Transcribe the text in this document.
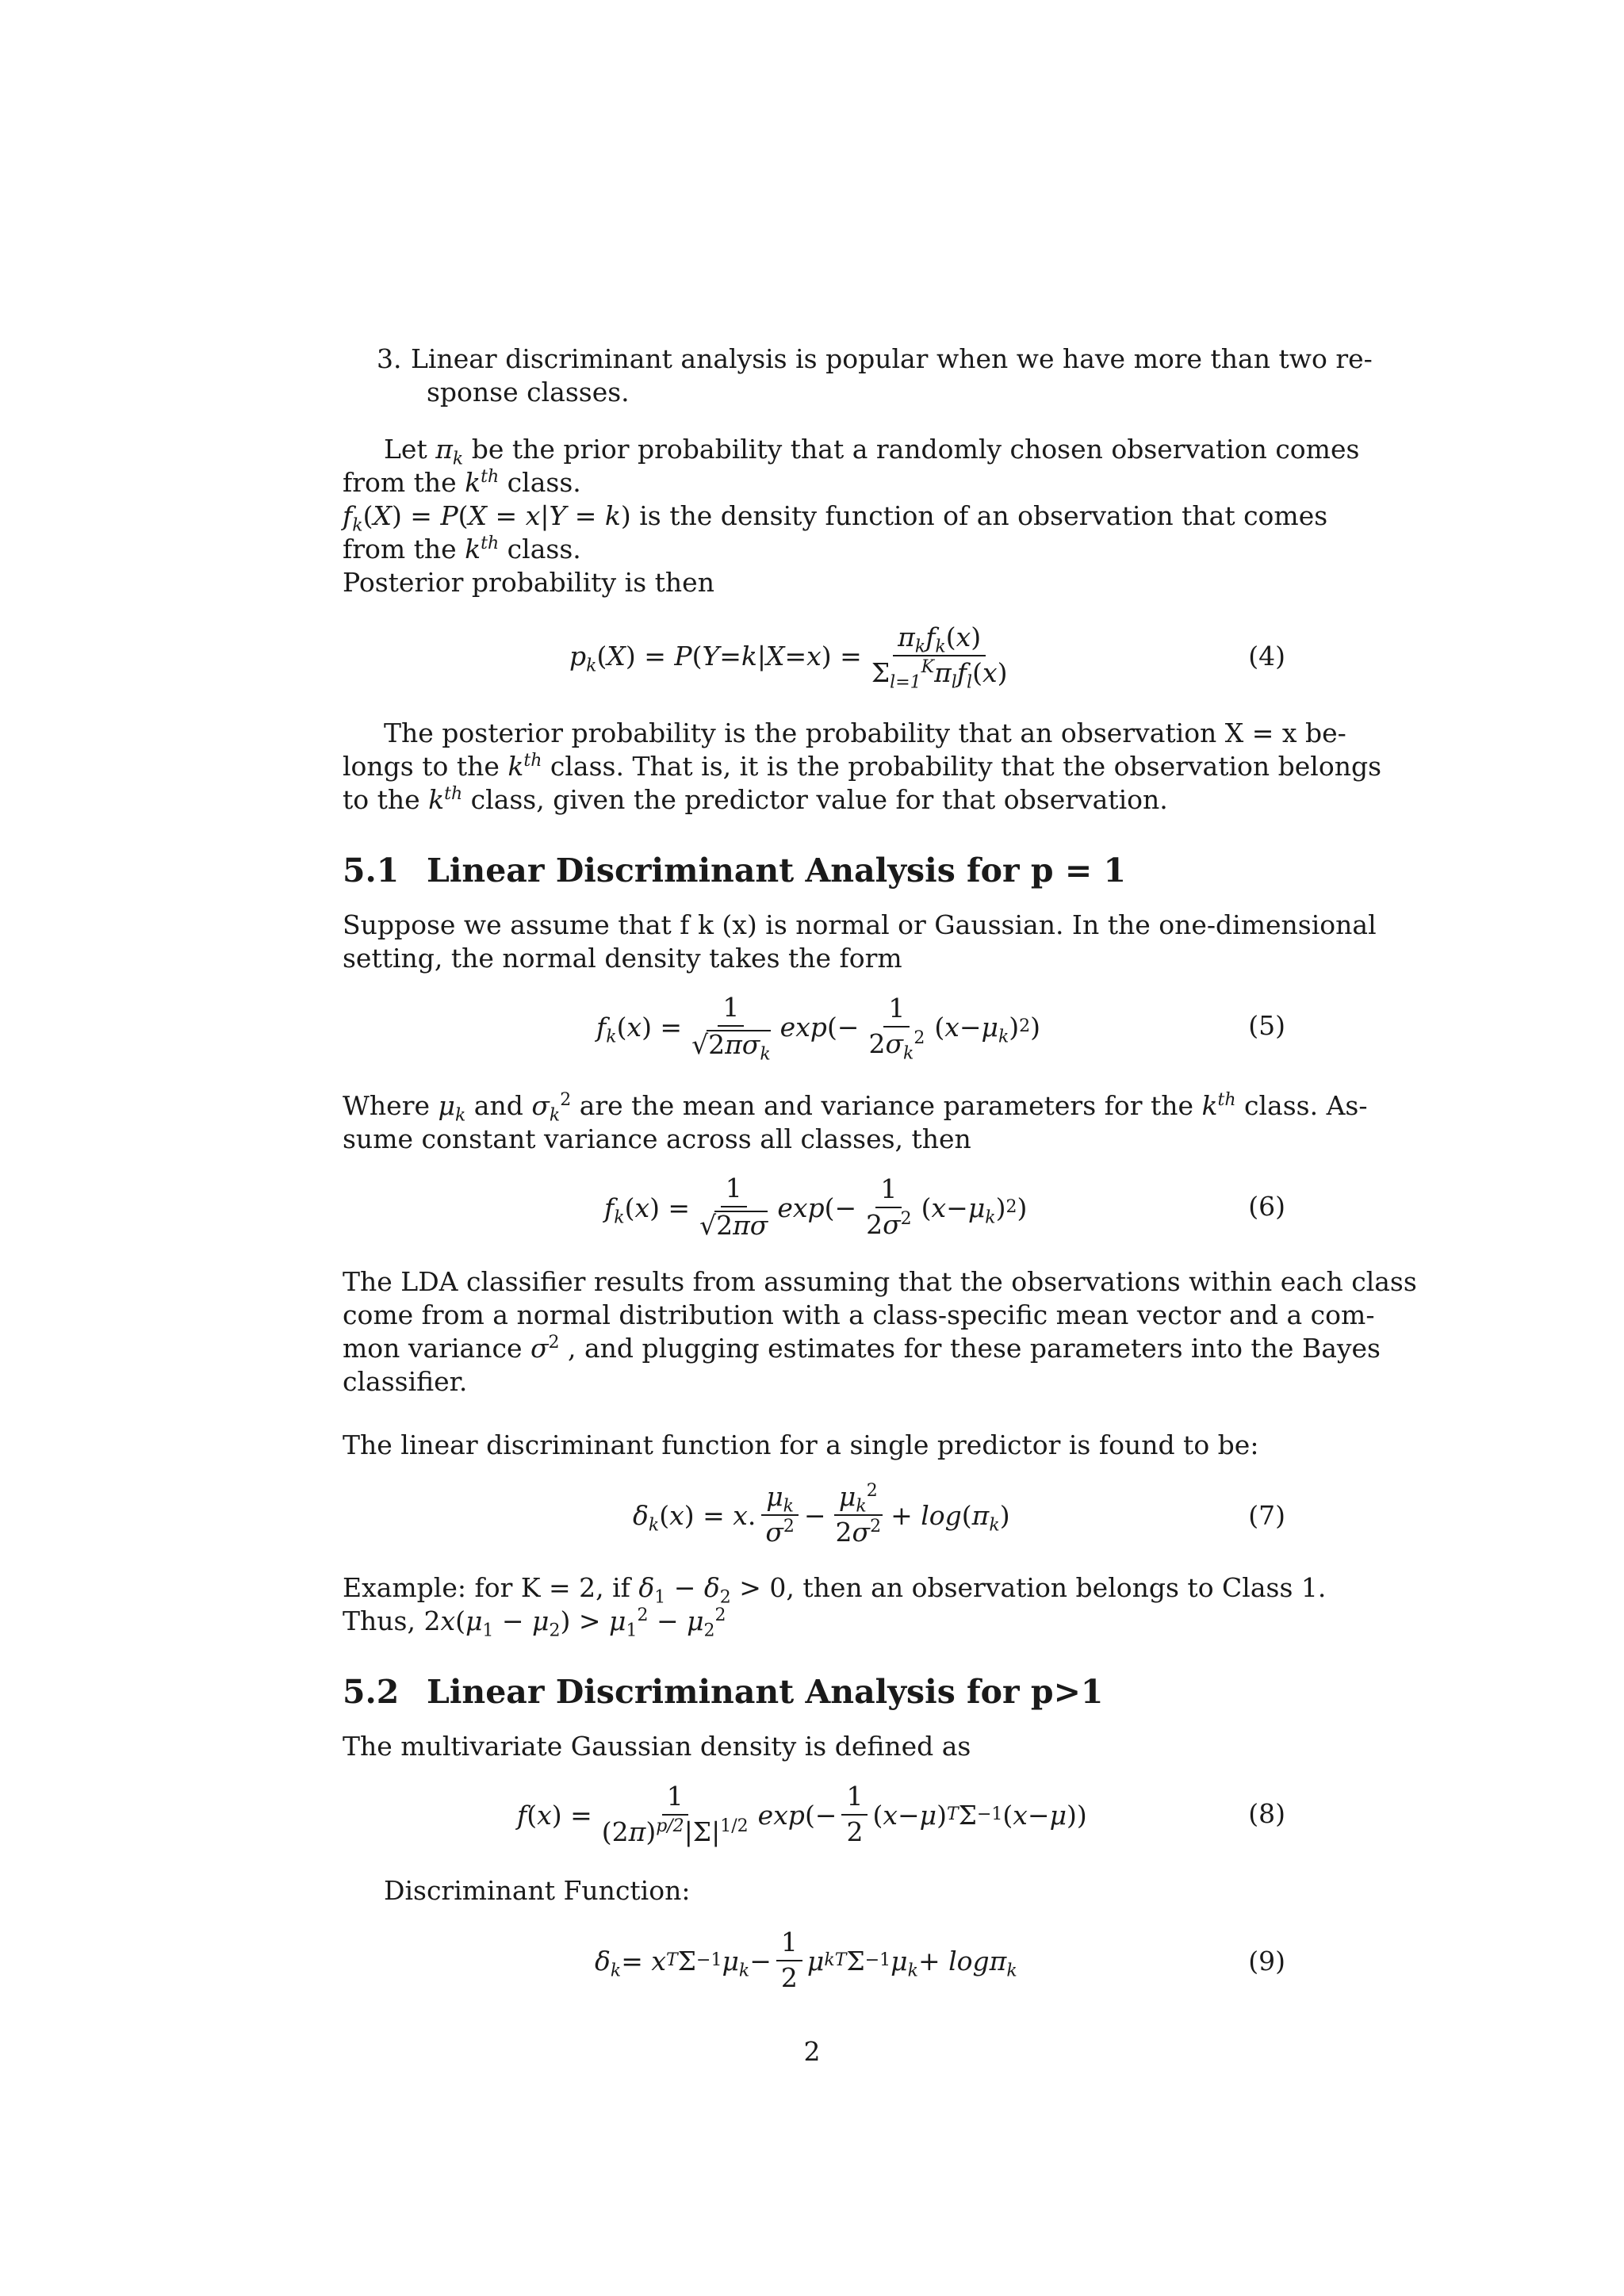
3. Linear discriminant analysis is popular when we have more than two re-
sponse classes.
Let $\pi_k$ be the prior probability that a randomly chosen observation comes
from the $k^{th}$ class.
$f_k(X) = P(X = x|Y = k)$ is the density function of an observation that comes
from the $k^{th}$ class.
Posterior probability is then
$p_k$ ( X ) = P ( Y = k | X = x ) = $\frac{\pi_kf_k(x)}{\Sigma_{l=1}^K\pi_lf_l(x)}$	(4)
The posterior probability is the probability that an observation X = x be-
longs to the $k^{th}$ class. That is, it is the probability that the observation belongs
to the $k^{th}$ class, given the predictor value for that observation.
5.1 Linear Discriminant Analysis for p = 1
Suppose we assume that f k (x) is normal or Gaussian. In the one-dimensional
setting, the normal density takes the form
$f_k$ ( x ) = $\frac{1}{√2\pi\sigma_k}$ exp (− $\frac{1}{2\sigma_k^2}$ ( $x - \mu_k$ ) 2 )	(5)
Where $\mu_k$ and $\sigma_k^2$ are the mean and variance parameters for the $k^{th}$ class. As-
sume constant variance across all classes, then
$f_k$ ( x ) = $\frac{1}{√2\pi\sigma}$ exp (− $\frac{1}{2\sigma^2}$ ( $x - \mu_k$ ) 2 )	(6)
The LDA classifier results from assuming that the observations within each class
come from a normal distribution with a class-specific mean vector and a com-
mon variance $\sigma^2$ , and plugging estimates for these parameters into the Bayes
classifier.
The linear discriminant function for a single predictor is found to be:
$\delta_k$ ( x ) = x . $\frac{\mu_k}{\sigma^2} - \frac{\mu_k^2}{2\sigma^2} + \log$ ( $\pi_k$ )	(7)
Example: for K = 2, if $\delta_1 - \delta_2 > 0$, then an observation belongs to Class 1.
Thus, $2x(\mu_1 - \mu_2) > \mu_1^2 - \mu_2^2$
5.2 Linear Discriminant Analysis for p>1
The multivariate Gaussian density is defined as
f ( x ) = $\frac{1}{(2\pi)^{p/2}|\Sigma|^{1/2}}$ exp (− $\frac{1}{2}$ ( x − μ ) T Σ −1 ( x − μ ))	(8)
Discriminant Function:
$\delta_k = x$ T Σ −1 $\mu_k - \frac{1}{2}$ μ k T Σ −1 $\mu_k + \log\pi_k$	(9)
2
